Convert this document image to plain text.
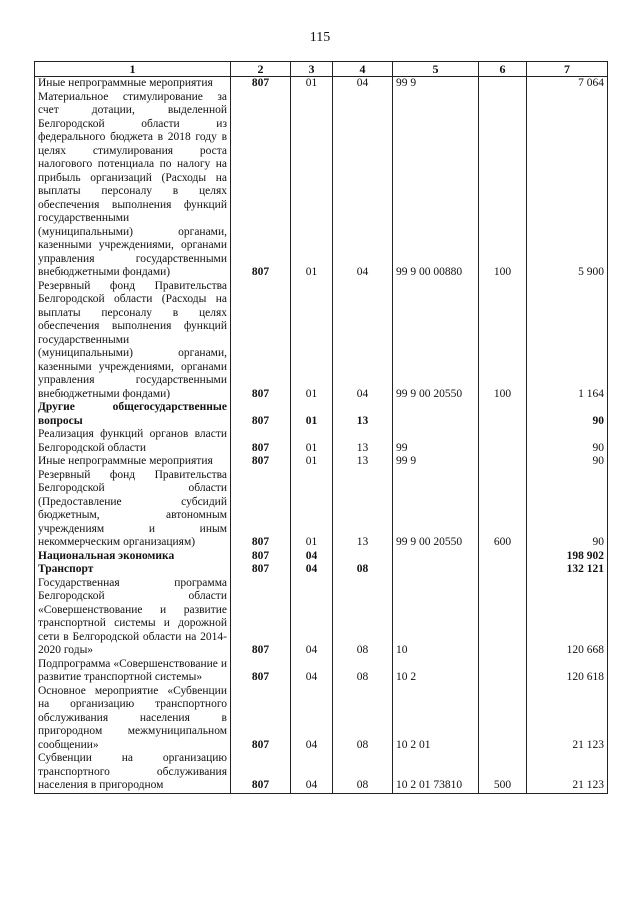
115
1	2	3	4	5	6	7
Иные непрограммные мероприятия	807	01	04	99 9		7 064
Материальное стимулирование за счет дотации, выделенной Белгородской области из федерального бюджета в 2018 году в целях стимулирования роста налогового потенциала по налогу на прибыль организаций (Расходы на выплаты персоналу в целях обеспечения выполнения функций государственными (муниципальными) органами, казенными учреждениями, органами управления государственными внебюджетными фондами)	807	01	04	99 9 00 00880	100	5 900
Резервный фонд Правительства Белгородской области (Расходы на выплаты персоналу в целях обеспечения выполнения функций государственными (муниципальными) органами, казенными учреждениями, органами управления государственными внебюджетными фондами)	807	01	04	99 9 00 20550	100	1 164
Другие общегосударственные вопросы	807	01	13			90
Реализация функций органов власти Белгородской области	807	01	13	99		90
Иные непрограммные мероприятия	807	01	13	99 9		90
Резервный фонд Правительства Белгородской области (Предоставление субсидий бюджетным, автономным учреждениям и иным некоммерческим организациям)	807	01	13	99 9 00 20550	600	90
Национальная экономика	807	04				198 902
Транспорт	807	04	08			132 121
Государственная программа Белгородской области «Совершенствование и развитие транспортной системы и дорожной сети в Белгородской области на 2014-2020 годы»	807	04	08	10		120 668
Подпрограмма «Совершенствование и развитие транспортной системы»	807	04	08	10 2		120 618
Основное мероприятие «Субвенции на организацию транспортного обслуживания населения в пригородном межмуниципальном сообщении»	807	04	08	10 2 01		21 123
Субвенции на организацию транспортного обслуживания населения в пригородном	807	04	08	10 2 01 73810	500	21 123
